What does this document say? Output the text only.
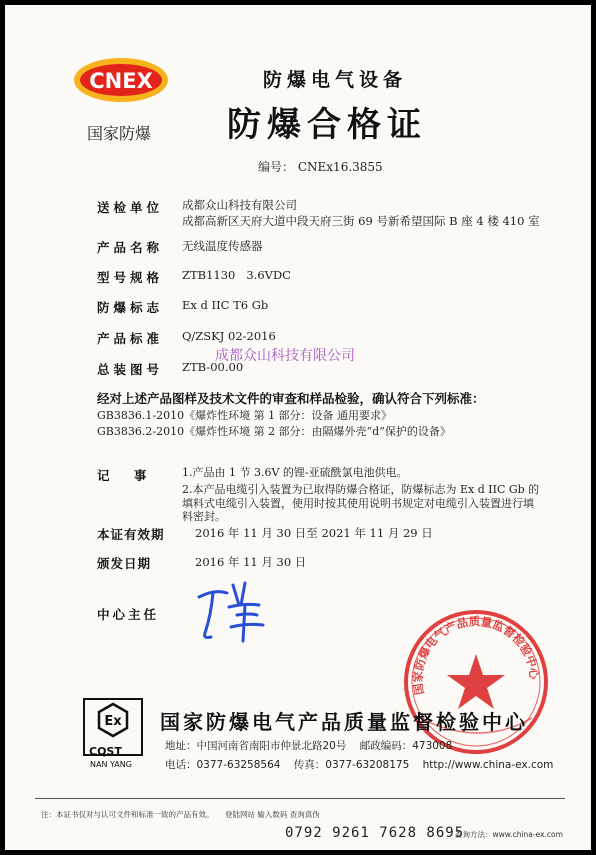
CNEX
国家防爆
防爆电气设备
防爆合格证
编号： CNEx16.3855
送检单位 成都众山科技有限公司
成都高新区天府大道中段天府三街 69 号新希望国际 B 座 4 楼 410 室
产品名称 无线温度传感器
型号规格 ZTB1130   3.6VDC
防爆标志 Ex d IIC T6 Gb
产品标准 Q/ZSKJ 02-2016
成都众山科技有限公司
总装图号 ZTB-00.00
经对上述产品图样及技术文件的审查和样品检验，确认符合下列标准：
GB3836.1-2010《爆炸性环境 第 1 部分：设备 通用要求》
GB3836.2-2010《爆炸性环境 第 2 部分：由隔爆外壳“d”保护的设备》
记 事 1.产品由 1 节 3.6V 的锂-亚硫酰氯电池供电。
2.本产品电缆引入装置为已取得防爆合格证，防爆标志为 Ex d IIC Gb 的填料式电缆引入装置，使用时按其使用说明书规定对电缆引入装置进行填料密封。
本证有效期	2016 年 11 月 30 日至 2021 年 11 月 29 日
颁发日期	2016 年 11 月 30 日
中心主任
国家防爆电气产品质量监督检验中心
Ex
CQST
NAN YANG
国家防爆电气产品质量监督检验中心
地址：中国河南省南阳市仲景北路20号    邮政编码：473008
电话：0377-63258564    传真：0377-63208175    http://www.china-ex.com
注：本证书仅对与认可文件和标准一致的产品有效。 登陆网站 输入数码 查询真伪
0792 9261 7628 8695
查询方法：www.china-ex.com
